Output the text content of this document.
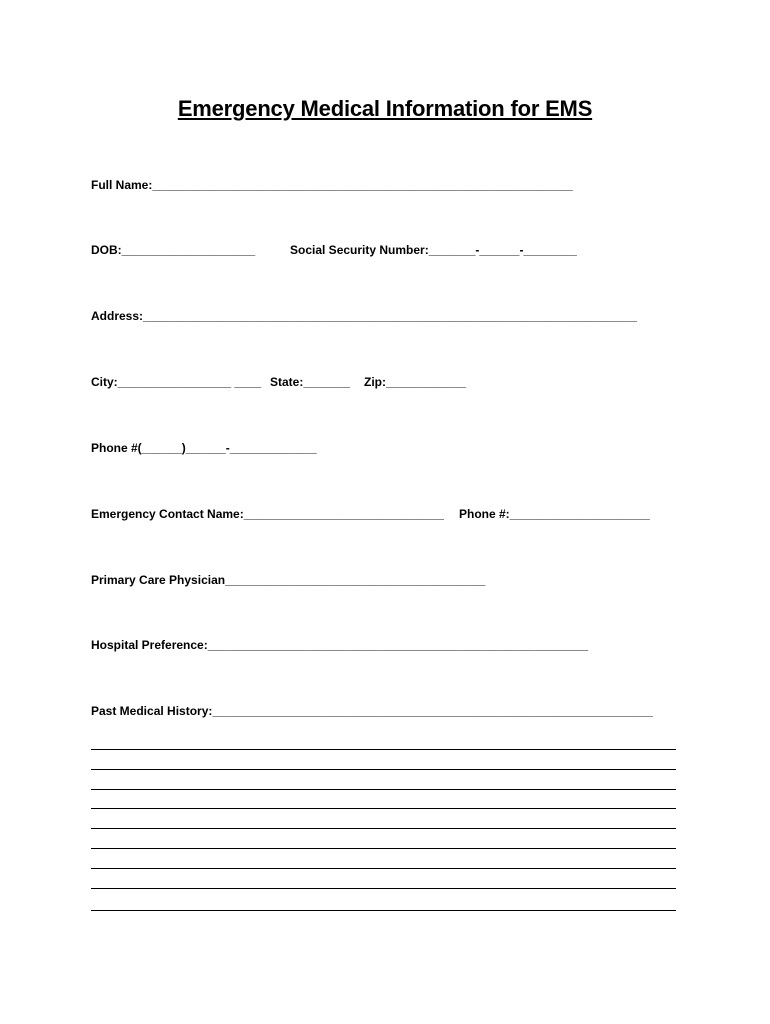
Emergency Medical Information for EMS
Full Name:_______________________________________________________________
DOB:____________________	Social Security Number:_______-______-________
Address:__________________________________________________________________________
City:_________________ ____ State:_______ Zip:____________
Phone #(______)______-_____________
Emergency Contact Name:______________________________ Phone #:_____________________
Primary Care Physician_______________________________________
Hospital Preference:_________________________________________________________
Past Medical History:__________________________________________________________________
